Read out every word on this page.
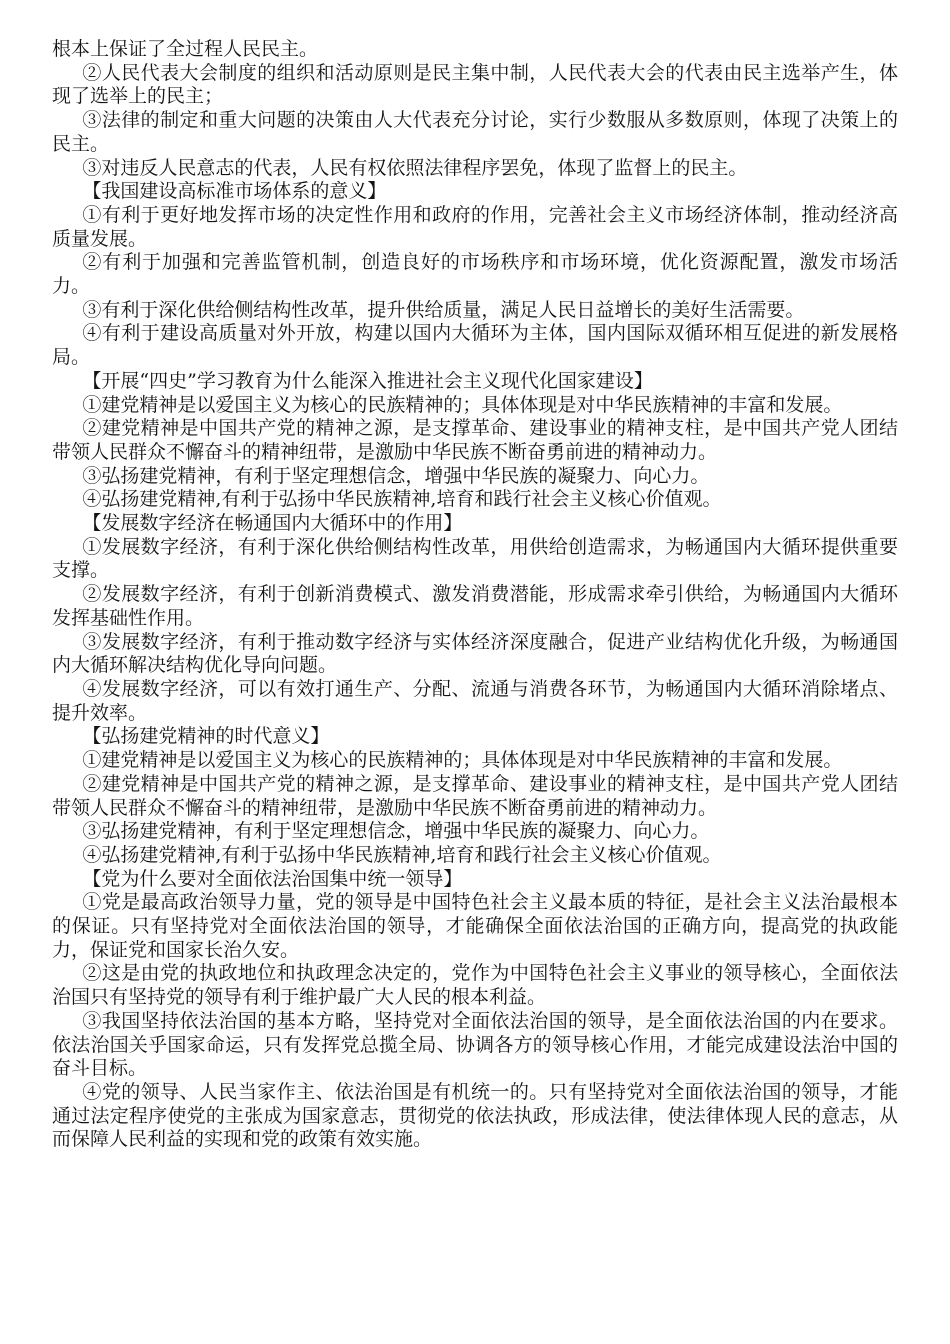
根本上保证了全过程人民民主。

②人民代表大会制度的组织和活动原则是民主集中制，人民代表大会的代表由民主选举产生，体现了选举上的民主；

③法律的制定和重大问题的决策由人大代表充分讨论，实行少数服从多数原则，体现了决策上的民主。

③对违反人民意志的代表，人民有权依照法律程序罢免，体现了监督上的民主。

【我国建设高标准市场体系的意义】

①有利于更好地发挥市场的决定性作用和政府的作用，完善社会主义市场经济体制，推动经济高质量发展。

②有利于加强和完善监管机制，创造良好的市场秩序和市场环境，优化资源配置，激发市场活力。

③有利于深化供给侧结构性改革，提升供给质量，满足人民日益增长的美好生活需要。

④有利于建设高质量对外开放，构建以国内大循环为主体，国内国际双循环相互促进的新发展格局。

【开展“四史”学习教育为什么能深入推进社会主义现代化国家建设】

①建党精神是以爱国主义为核心的民族精神的；具体体现是对中华民族精神的丰富和发展。

②建党精神是中国共产党的精神之源，是支撑革命、建设事业的精神支柱，是中国共产党人团结带领人民群众不懈奋斗的精神纽带，是激励中华民族不断奋勇前进的精神动力。

③弘扬建党精神，有利于坚定理想信念，增强中华民族的凝聚力、向心力。

④弘扬建党精神,有利于弘扬中华民族精神,培育和践行社会主义核心价值观。

【发展数字经济在畅通国内大循环中的作用】

①发展数字经济，有利于深化供给侧结构性改革，用供给创造需求，为畅通国内大循环提供重要支撑。

②发展数字经济，有利于创新消费模式、激发消费潜能，形成需求牵引供给，为畅通国内大循环发挥基础性作用。

③发展数字经济，有利于推动数字经济与实体经济深度融合，促进产业结构优化升级，为畅通国内大循环解决结构优化导向问题。

④发展数字经济，可以有效打通生产、分配、流通与消费各环节，为畅通国内大循环消除堵点、提升效率。

【弘扬建党精神的时代意义】

①建党精神是以爱国主义为核心的民族精神的；具体体现是对中华民族精神的丰富和发展。

②建党精神是中国共产党的精神之源，是支撑革命、建设事业的精神支柱，是中国共产党人团结带领人民群众不懈奋斗的精神纽带，是激励中华民族不断奋勇前进的精神动力。

③弘扬建党精神，有利于坚定理想信念，增强中华民族的凝聚力、向心力。

④弘扬建党精神,有利于弘扬中华民族精神,培育和践行社会主义核心价值观。

【党为什么要对全面依法治国集中统一领导】

①党是最高政治领导力量，党的领导是中国特色社会主义最本质的特征，是社会主义法治最根本的保证。只有坚持党对全面依法治国的领导，才能确保全面依法治国的正确方向，提高党的执政能力，保证党和国家长治久安。

②这是由党的执政地位和执政理念决定的，党作为中国特色社会主义事业的领导核心，全面依法治国只有坚持党的领导有利于维护最广大人民的根本利益。

③我国坚持依法治国的基本方略，坚持党对全面依法治国的领导，是全面依法治国的内在要求。依法治国关乎国家命运，只有发挥党总揽全局、协调各方的领导核心作用，才能完成建设法治中国的奋斗目标。

④党的领导、人民当家作主、依法治国是有机统一的。只有坚持党对全面依法治国的领导，才能通过法定程序使党的主张成为国家意志，贯彻党的依法执政，形成法律，使法律体现人民的意志，从而保障人民利益的实现和党的政策有效实施。
